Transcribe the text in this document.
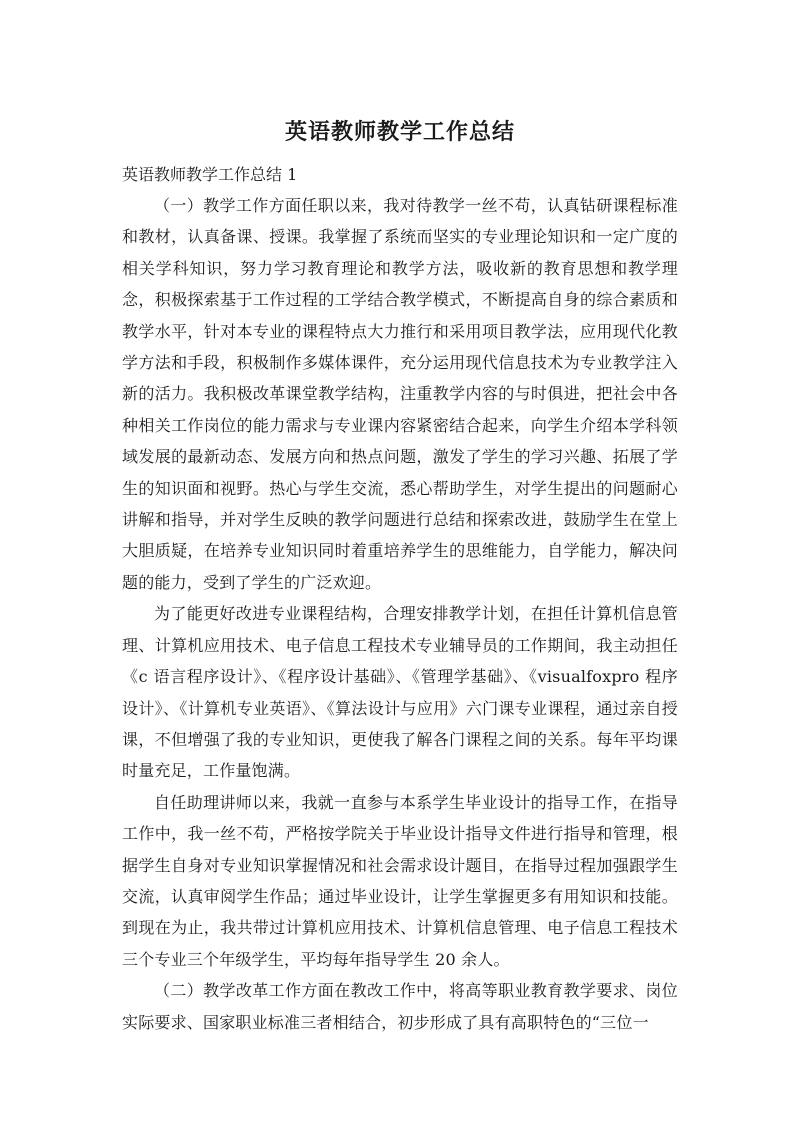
英语教师教学工作总结

英语教师教学工作总结 1

（一）教学工作方面任职以来，我对待教学一丝不苟，认真钻研课程标准和教材，认真备课、授课。我掌握了系统而坚实的专业理论知识和一定广度的相关学科知识，努力学习教育理论和教学方法，吸收新的教育思想和教学理念，积极探索基于工作过程的工学结合教学模式，不断提高自身的综合素质和教学水平，针对本专业的课程特点大力推行和采用项目教学法，应用现代化教学方法和手段，积极制作多媒体课件，充分运用现代信息技术为专业教学注入新的活力。我积极改革课堂教学结构，注重教学内容的与时俱进，把社会中各种相关工作岗位的能力需求与专业课内容紧密结合起来，向学生介绍本学科领域发展的最新动态、发展方向和热点问题，激发了学生的学习兴趣、拓展了学生的知识面和视野。热心与学生交流，悉心帮助学生，对学生提出的问题耐心讲解和指导，并对学生反映的教学问题进行总结和探索改进，鼓励学生在堂上大胆质疑，在培养专业知识同时着重培养学生的思维能力，自学能力，解决问题的能力，受到了学生的广泛欢迎。

为了能更好改进专业课程结构，合理安排教学计划，在担任计算机信息管理、计算机应用技术、电子信息工程技术专业辅导员的工作期间，我主动担任《c 语言程序设计》、《程序设计基础》、《管理学基础》、《visualfoxpro 程序设计》、《计算机专业英语》、《算法设计与应用》六门课专业课程，通过亲自授课，不但增强了我的专业知识，更使我了解各门课程之间的关系。每年平均课时量充足，工作量饱满。

自任助理讲师以来，我就一直参与本系学生毕业设计的指导工作，在指导工作中，我一丝不苟，严格按学院关于毕业设计指导文件进行指导和管理，根据学生自身对专业知识掌握情况和社会需求设计题目，在指导过程加强跟学生交流，认真审阅学生作品；通过毕业设计，让学生掌握更多有用知识和技能。到现在为止，我共带过计算机应用技术、计算机信息管理、电子信息工程技术三个专业三个年级学生，平均每年指导学生 20 余人。

（二）教学改革工作方面在教改工作中，将高等职业教育教学要求、岗位实际要求、国家职业标准三者相结合，初步形成了具有高职特色的“三位一
